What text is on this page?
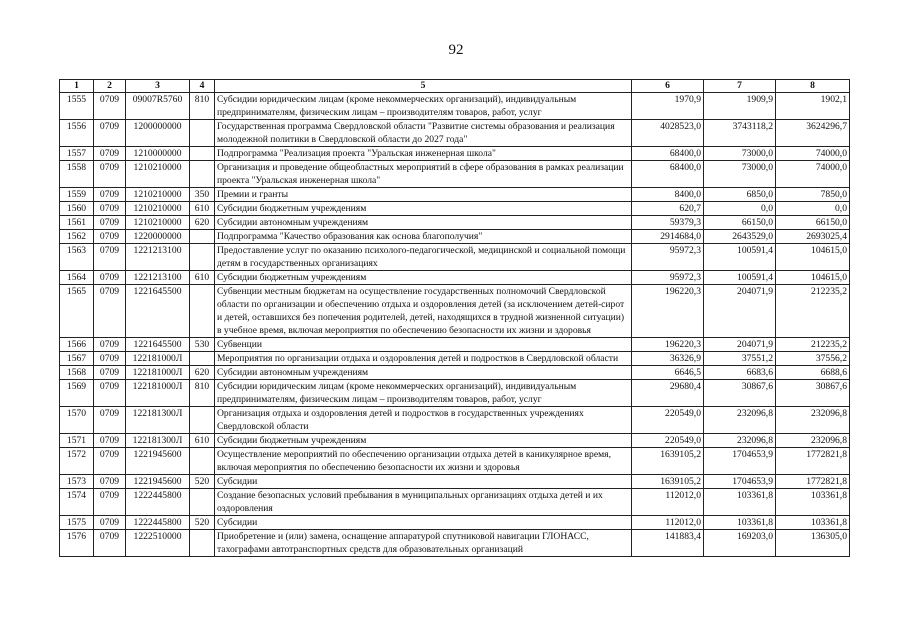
92
1	2	3	4	5	6	7	8
1555	0709	09007R5760	810	Субсидии юридическим лицам (кроме некоммерческих организаций), индивидуальным предпринимателям, физическим лицам – производителям товаров, работ, услуг	1970,9	1909,9	1902,1
1556	0709	1200000000		Государственная программа Свердловской области "Развитие системы образования и реализация молодежной политики в Свердловской области до 2027 года"	4028523,0	3743118,2	3624296,7
1557	0709	1210000000		Подпрограмма "Реализация проекта "Уральская инженерная школа"	68400,0	73000,0	74000,0
1558	0709	1210210000		Организация и проведение общеобластных мероприятий в сфере образования в рамках реализации проекта "Уральская инженерная школа"	68400,0	73000,0	74000,0
1559	0709	1210210000	350	Премии и гранты	8400,0	6850,0	7850,0
1560	0709	1210210000	610	Субсидии бюджетным учреждениям	620,7	0,0	0,0
1561	0709	1210210000	620	Субсидии автономным учреждениям	59379,3	66150,0	66150,0
1562	0709	1220000000		Подпрограмма "Качество образования как основа благополучия"	2914684,0	2643529,0	2693025,4
1563	0709	1221213100		Предоставление услуг по оказанию психолого-педагогической, медицинской и социальной помощи детям в государственных организациях	95972,3	100591,4	104615,0
1564	0709	1221213100	610	Субсидии бюджетным учреждениям	95972,3	100591,4	104615,0
1565	0709	1221645500		Субвенции местным бюджетам на осуществление государственных полномочий Свердловской области по организации и обеспечению отдыха и оздоровления детей (за исключением детей-сирот и детей, оставшихся без попечения родителей, детей, находящихся в трудной жизненной ситуации) в учебное время, включая мероприятия по обеспечению безопасности их жизни и здоровья	196220,3	204071,9	212235,2
1566	0709	1221645500	530	Субвенции	196220,3	204071,9	212235,2
1567	0709	122181000Л		Мероприятия по организации отдыха и оздоровления детей и подростков в Свердловской области	36326,9	37551,2	37556,2
1568	0709	122181000Л	620	Субсидии автономным учреждениям	6646,5	6683,6	6688,6
1569	0709	122181000Л	810	Субсидии юридическим лицам (кроме некоммерческих организаций), индивидуальным предпринимателям, физическим лицам – производителям товаров, работ, услуг	29680,4	30867,6	30867,6
1570	0709	122181300Л		Организация отдыха и оздоровления детей и подростков в государственных учреждениях Свердловской области	220549,0	232096,8	232096,8
1571	0709	122181300Л	610	Субсидии бюджетным учреждениям	220549,0	232096,8	232096,8
1572	0709	1221945600		Осуществление мероприятий по обеспечению организации отдыха детей в каникулярное время, включая мероприятия по обеспечению безопасности их жизни и здоровья	1639105,2	1704653,9	1772821,8
1573	0709	1221945600	520	Субсидии	1639105,2	1704653,9	1772821,8
1574	0709	1222445800		Создание безопасных условий пребывания в муниципальных организациях отдыха детей и их оздоровления	112012,0	103361,8	103361,8
1575	0709	1222445800	520	Субсидии	112012,0	103361,8	103361,8
1576	0709	1222510000		Приобретение и (или) замена, оснащение аппаратурой спутниковой навигации ГЛОНАСС, тахографами автотранспортных средств для образовательных организаций	141883,4	169203,0	136305,0
